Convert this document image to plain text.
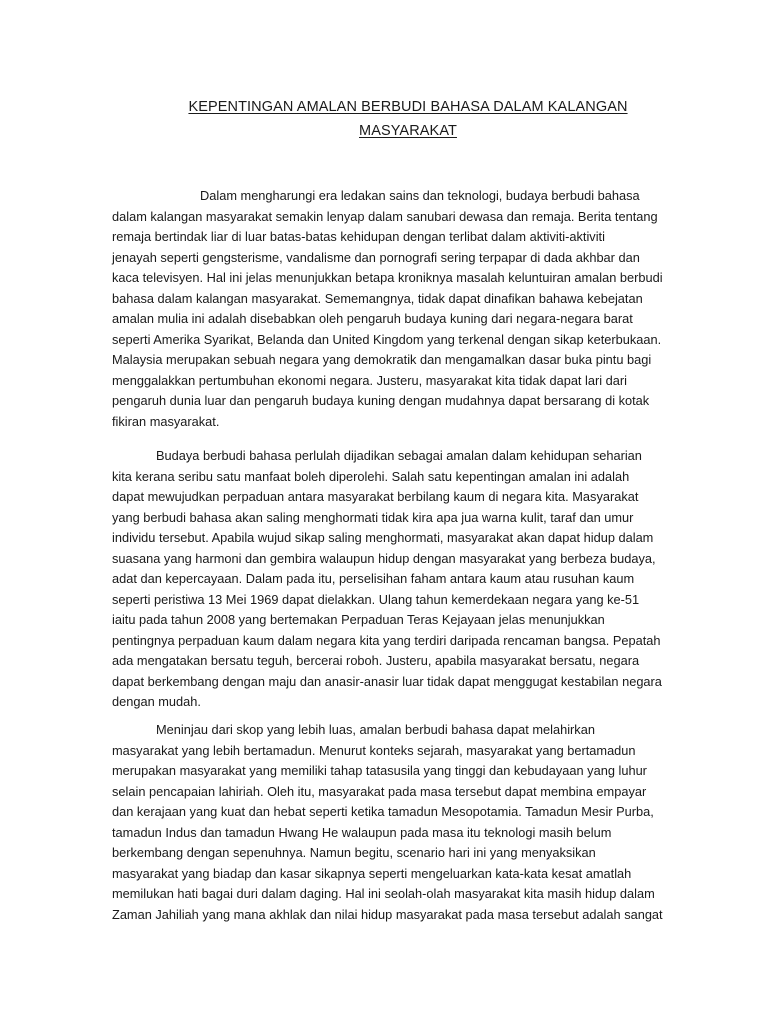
KEPENTINGAN AMALAN BERBUDI BAHASA DALAM KALANGAN
MASYARAKAT
Dalam mengharungi era ledakan sains dan teknologi, budaya berbudi bahasa
dalam kalangan masyarakat semakin lenyap dalam sanubari dewasa dan remaja. Berita tentang
remaja bertindak liar di luar batas-batas kehidupan dengan terlibat dalam aktiviti-aktiviti
jenayah seperti gengsterisme, vandalisme dan pornografi sering terpapar di dada akhbar dan
kaca televisyen. Hal ini jelas menunjukkan betapa kroniknya masalah keluntuiran amalan berbudi
bahasa dalam kalangan masyarakat. Sememangnya, tidak dapat dinafikan bahawa kebejatan
amalan mulia ini adalah disebabkan oleh pengaruh budaya kuning dari negara-negara barat
seperti Amerika Syarikat, Belanda dan United Kingdom yang terkenal dengan sikap keterbukaan.
Malaysia merupakan sebuah negara yang demokratik dan mengamalkan dasar buka pintu bagi
menggalakkan pertumbuhan ekonomi negara. Justeru, masyarakat kita tidak dapat lari dari
pengaruh dunia luar dan pengaruh budaya kuning dengan mudahnya dapat bersarang di kotak
fikiran masyarakat.
Budaya berbudi bahasa perlulah dijadikan sebagai amalan dalam kehidupan seharian
kita kerana seribu satu manfaat boleh diperolehi. Salah satu kepentingan amalan ini adalah
dapat mewujudkan perpaduan antara masyarakat berbilang kaum di negara kita. Masyarakat
yang berbudi bahasa akan saling menghormati tidak kira apa jua warna kulit, taraf dan umur
individu tersebut. Apabila wujud sikap saling menghormati, masyarakat akan dapat hidup dalam
suasana yang harmoni dan gembira walaupun hidup dengan masyarakat yang berbeza budaya,
adat dan kepercayaan. Dalam pada itu, perselisihan faham antara kaum atau rusuhan kaum
seperti peristiwa 13 Mei 1969 dapat dielakkan. Ulang tahun kemerdekaan negara yang ke-51
iaitu pada tahun 2008 yang bertemakan Perpaduan Teras Kejayaan jelas menunjukkan
pentingnya perpaduan kaum dalam negara kita yang terdiri daripada rencaman bangsa. Pepatah
ada mengatakan bersatu teguh, bercerai roboh. Justeru, apabila masyarakat bersatu, negara
dapat berkembang dengan maju dan anasir-anasir luar tidak dapat menggugat kestabilan negara
dengan mudah.
Meninjau dari skop yang lebih luas, amalan berbudi bahasa dapat melahirkan
masyarakat yang lebih bertamadun. Menurut konteks sejarah, masyarakat yang bertamadun
merupakan masyarakat yang memiliki tahap tatasusila yang tinggi dan kebudayaan yang luhur
selain pencapaian lahiriah. Oleh itu, masyarakat pada masa tersebut dapat membina empayar
dan kerajaan yang kuat dan hebat seperti ketika tamadun Mesopotamia. Tamadun Mesir Purba,
tamadun Indus dan tamadun Hwang He walaupun pada masa itu teknologi masih belum
berkembang dengan sepenuhnya. Namun begitu, scenario hari ini yang menyaksikan
masyarakat yang biadap dan kasar sikapnya seperti mengeluarkan kata-kata kesat amatlah
memilukan hati bagai duri dalam daging. Hal ini seolah-olah masyarakat kita masih hidup dalam
Zaman Jahiliah yang mana akhlak dan nilai hidup masyarakat pada masa tersebut adalah sangat
